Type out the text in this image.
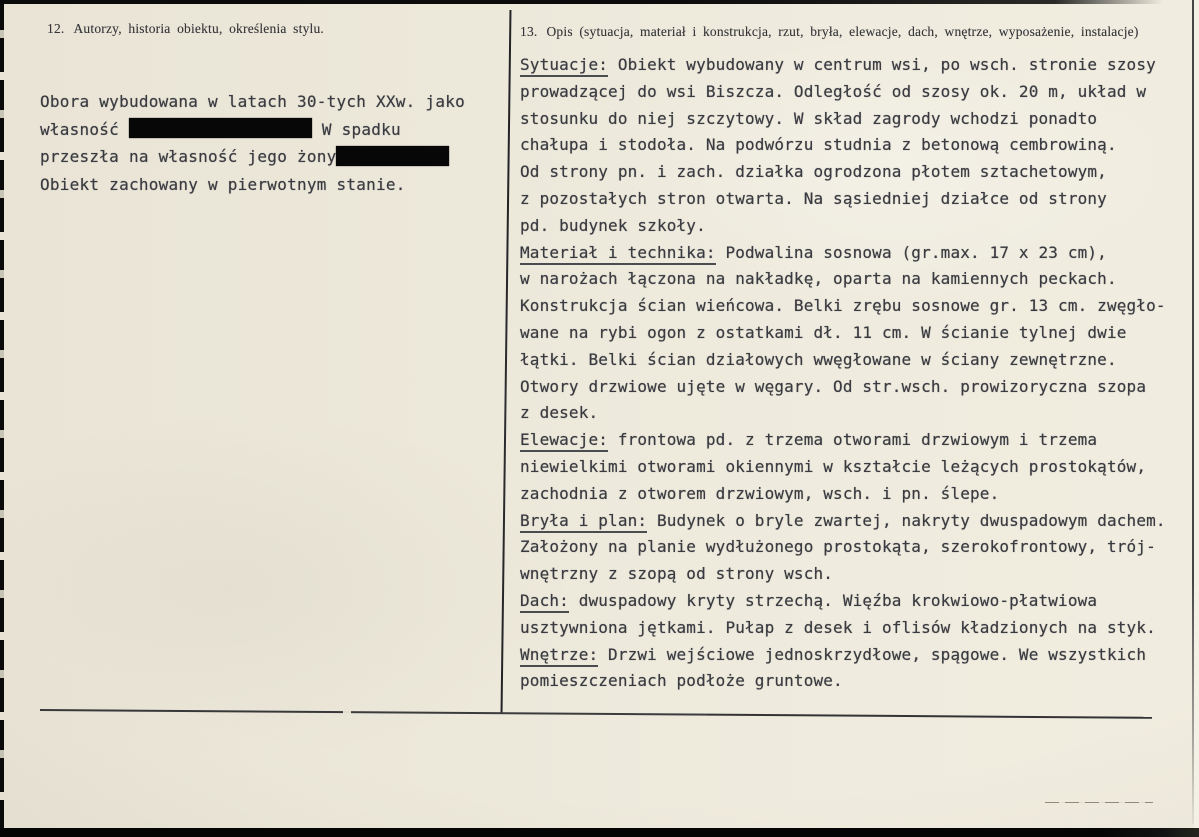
12. Autorzy, historia obiektu, określenia stylu.	13. Opis (sytuacja, materiał i konstrukcja, rzut, bryła, elewacje, dach, wnętrze, wyposażenie, instalacje)
Obora wybudowana w latach 30-tych XXw. jako
własność	W spadku
przeszła na własność jego żony
Obiekt zachowany w pierwotnym stanie.
Sytuacje: Obiekt wybudowany w centrum wsi, po wsch. stronie szosy
prowadzącej do wsi Biszcza. Odległość od szosy ok. 20 m, układ w
stosunku do niej szczytowy. W skład zagrody wchodzi ponadto
chałupa i stodoła. Na podwórzu studnia z betonową cembrowiną.
Od strony pn. i zach. działka ogrodzona płotem sztachetowym,
z pozostałych stron otwarta. Na sąsiedniej działce od strony
pd. budynek szkoły.
Materiał i technika: Podwalina sosnowa (gr.max. 17 x 23 cm),
w narożach łączona na nakładkę, oparta na kamiennych peckach.
Konstrukcja ścian wieńcowa. Belki zrębu sosnowe gr. 13 cm. zwęgło-
wane na rybi ogon z ostatkami dł. 11 cm. W ścianie tylnej dwie
łątki. Belki ścian działowych wwęgłowane w ściany zewnętrzne.
Otwory drzwiowe ujęte w węgary. Od str.wsch. prowizoryczna szopa
z desek.
Elewacje: frontowa pd. z trzema otworami drzwiowym i trzema
niewielkimi otworami okiennymi w kształcie leżących prostokątów,
zachodnia z otworem drzwiowym, wsch. i pn. ślepe.
Bryła i plan: Budynek o bryle zwartej, nakryty dwuspadowym dachem.
Założony na planie wydłużonego prostokąta, szerokofrontowy, trój-
wnętrzny z szopą od strony wsch.
Dach: dwuspadowy kryty strzechą. Więźba krokwiowo-płatwiowa
usztywniona jętkami. Pułap z desek i oflisów kładzionych na styk.
Wnętrze: Drzwi wejściowe jednoskrzydłowe, spągowe. We wszystkich
pomieszczeniach podłoże gruntowe.
